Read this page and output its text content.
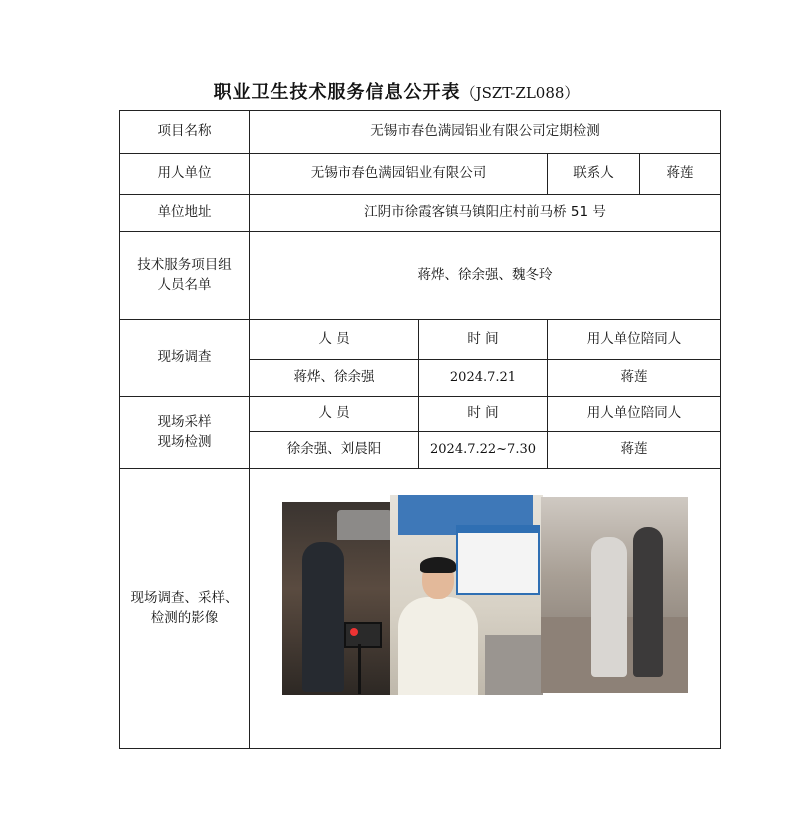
职业卫生技术服务信息公开表（JSZT-ZL088）
项目名称	无锡市春色满园铝业有限公司定期检测			
用人单位	无锡市春色满园铝业有限公司		联系人	蒋莲
单位地址	江阴市徐霞客镇马镇阳庄村前马桥 51 号			
技术服务项目组人员名单	蒋烨、徐余强、魏冬玲			
现场调查	人 员	时 间	用人单位陪同人	
	蒋烨、徐余强	2024.7.21	蒋莲	
现场采样
现场检测	人 员	时 间	用人单位陪同人	
	徐余强、刘晨阳	2024.7.22~7.30	蒋莲	
现场调查、采样、检测的影像				
